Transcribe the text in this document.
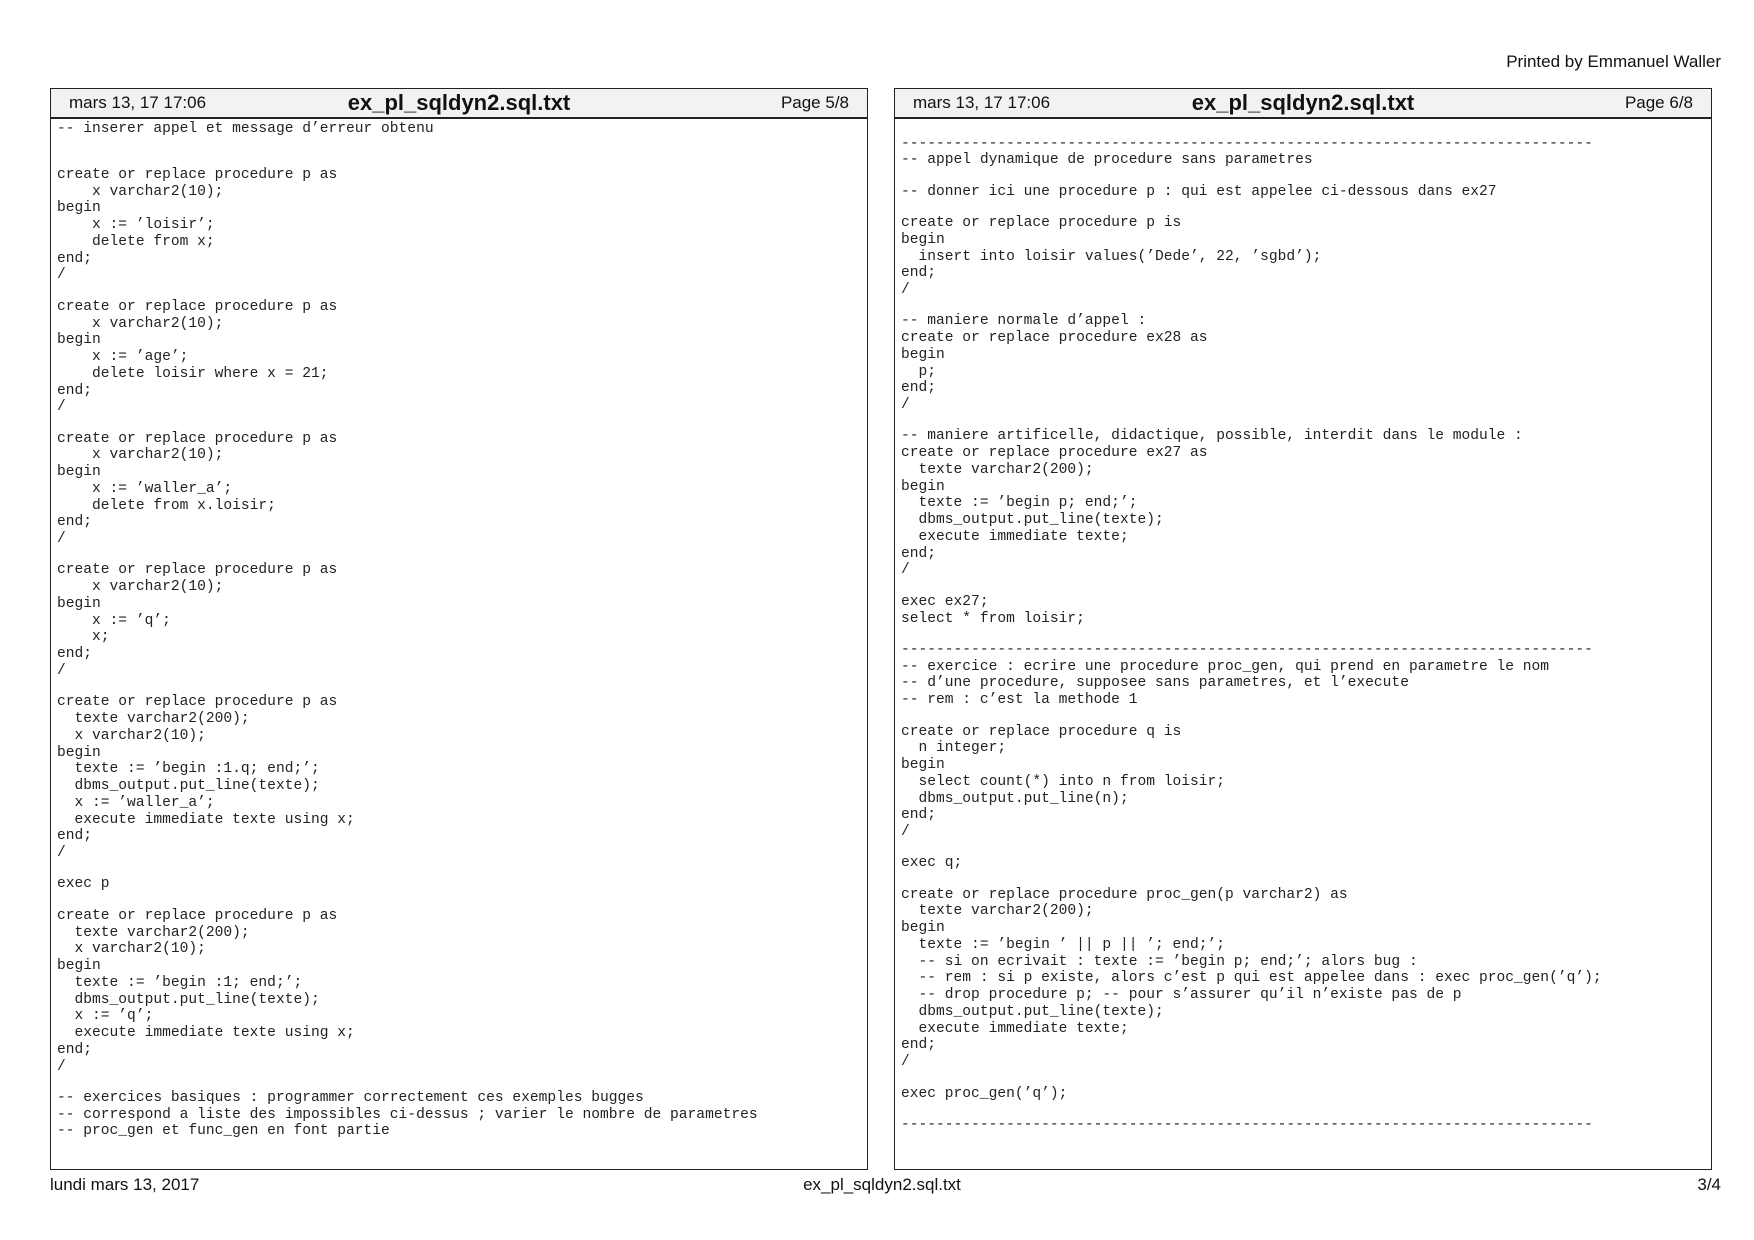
Printed by Emmanuel Waller
mars 13, 17 17:06	ex_pl_sqldyn2.sql.txt	Page 5/8
-- inserer appel et message d’erreur obtenu
create or replace procedure p as
x varchar2(10);
begin
x := ’loisir’;
delete from x;
end;
/
create or replace procedure p as
x varchar2(10);
begin
x := ’age’;
delete loisir where x = 21;
end;
/
create or replace procedure p as
x varchar2(10);
begin
x := ’waller_a’;
delete from x.loisir;
end;
/
create or replace procedure p as
x varchar2(10);
begin
x := ’q’;
x;
end;
/
create or replace procedure p as
texte varchar2(200);
x varchar2(10);
begin
texte := ’begin :1.q; end;’;
dbms_output.put_line(texte);
x := ’waller_a’;
execute immediate texte using x;
end;
/
exec p
create or replace procedure p as
texte varchar2(200);
x varchar2(10);
begin
texte := ’begin :1; end;’;
dbms_output.put_line(texte);
x := ’q’;
execute immediate texte using x;
end;
/
-- exercices basiques : programmer correctement ces exemples bugges
-- correspond a liste des impossibles ci-dessus ; varier le nombre de parametres
-- proc_gen et func_gen en font partie
mars 13, 17 17:06	ex_pl_sqldyn2.sql.txt	Page 6/8
-------------------------------------------------------------------------------
-- appel dynamique de procedure sans parametres
-- donner ici une procedure p : qui est appelee ci-dessous dans ex27
create or replace procedure p is
begin
insert into loisir values(’Dede’, 22, ’sgbd’);
end;
/
-- maniere normale d’appel :
create or replace procedure ex28 as
begin
p;
end;
/
-- maniere artificelle, didactique, possible, interdit dans le module :
create or replace procedure ex27 as
texte varchar2(200);
begin
texte := ’begin p; end;’;
dbms_output.put_line(texte);
execute immediate texte;
end;
/
exec ex27;
select * from loisir;
-------------------------------------------------------------------------------
-- exercice : ecrire une procedure proc_gen, qui prend en parametre le nom
-- d’une procedure, supposee sans parametres, et l’execute
-- rem : c’est la methode 1
create or replace procedure q is
n integer;
begin
select count(*) into n from loisir;
dbms_output.put_line(n);
end;
/
exec q;
create or replace procedure proc_gen(p varchar2) as
texte varchar2(200);
begin
texte := ’begin ’ || p || ’; end;’;
-- si on ecrivait : texte := ’begin p; end;’; alors bug :
-- rem : si p existe, alors c’est p qui est appelee dans : exec proc_gen(’q’);
-- drop procedure p; -- pour s’assurer qu’il n’existe pas de p
dbms_output.put_line(texte);
execute immediate texte;
end;
/
exec proc_gen(’q’);
-------------------------------------------------------------------------------
lundi mars 13, 2017	ex_pl_sqldyn2.sql.txt	3/4
